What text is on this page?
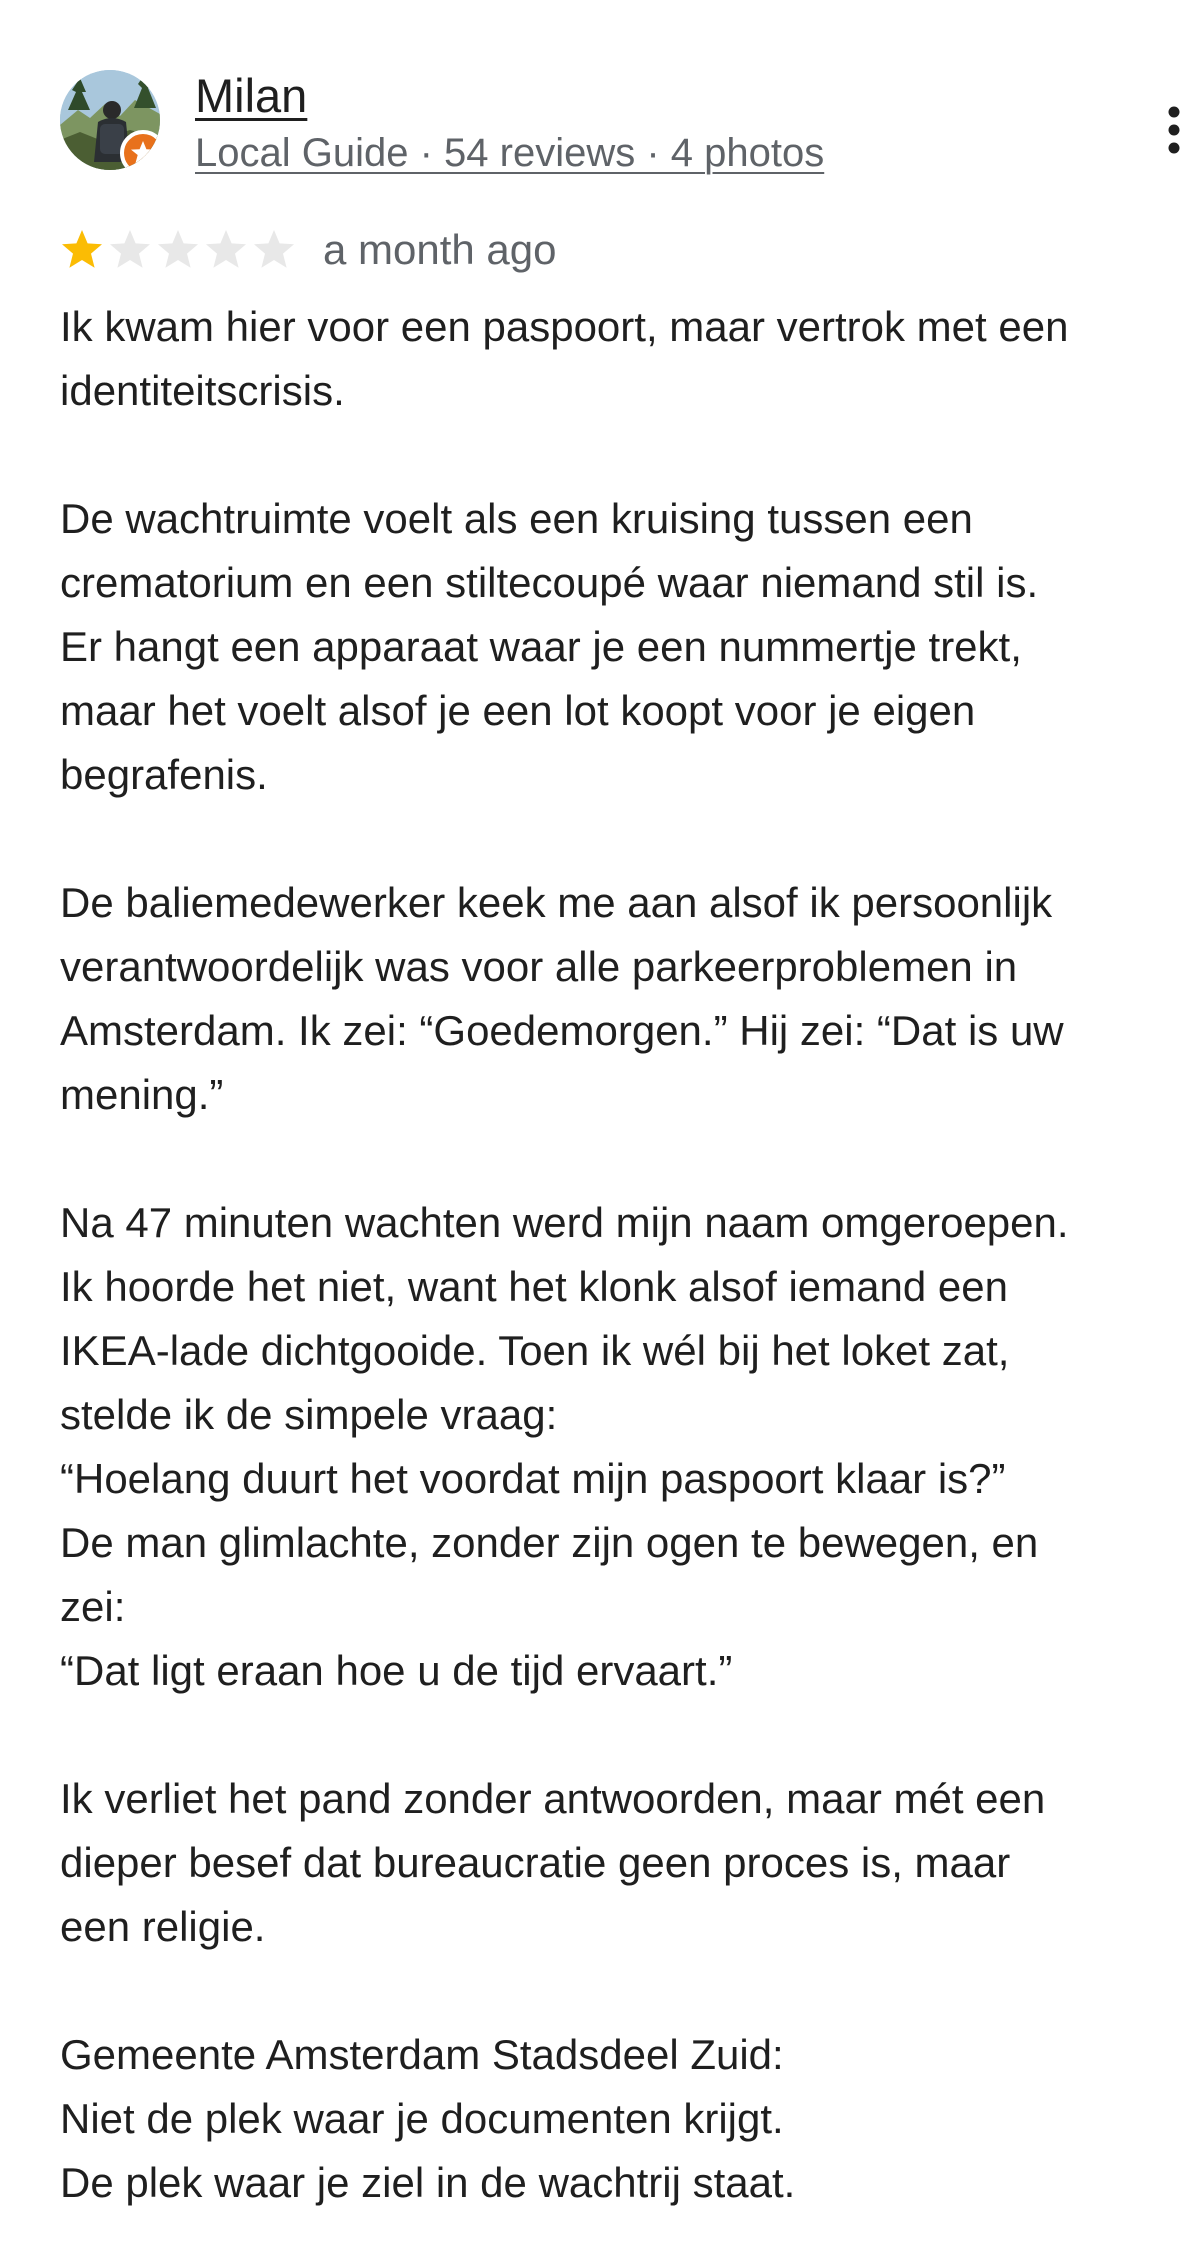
Milan
Local Guide · 54 reviews · 4 photos
a month ago

Ik kwam hier voor een paspoort, maar vertrok met een
identiteitscrisis.

De wachtruimte voelt als een kruising tussen een
crematorium en een stiltecoupé waar niemand stil is.
Er hangt een apparaat waar je een nummertje trekt,
maar het voelt alsof je een lot koopt voor je eigen
begrafenis.

De baliemedewerker keek me aan alsof ik persoonlijk
verantwoordelijk was voor alle parkeerproblemen in
Amsterdam. Ik zei: “Goedemorgen.” Hij zei: “Dat is uw
mening.”

Na 47 minuten wachten werd mijn naam omgeroepen.
Ik hoorde het niet, want het klonk alsof iemand een
IKEA-lade dichtgooide. Toen ik wél bij het loket zat,
stelde ik de simpele vraag:
“Hoelang duurt het voordat mijn paspoort klaar is?”
De man glimlachte, zonder zijn ogen te bewegen, en
zei:
“Dat ligt eraan hoe u de tijd ervaart.”

Ik verliet het pand zonder antwoorden, maar mét een
dieper besef dat bureaucratie geen proces is, maar
een religie.

Gemeente Amsterdam Stadsdeel Zuid:
Niet de plek waar je documenten krijgt.
De plek waar je ziel in de wachtrij staat.
